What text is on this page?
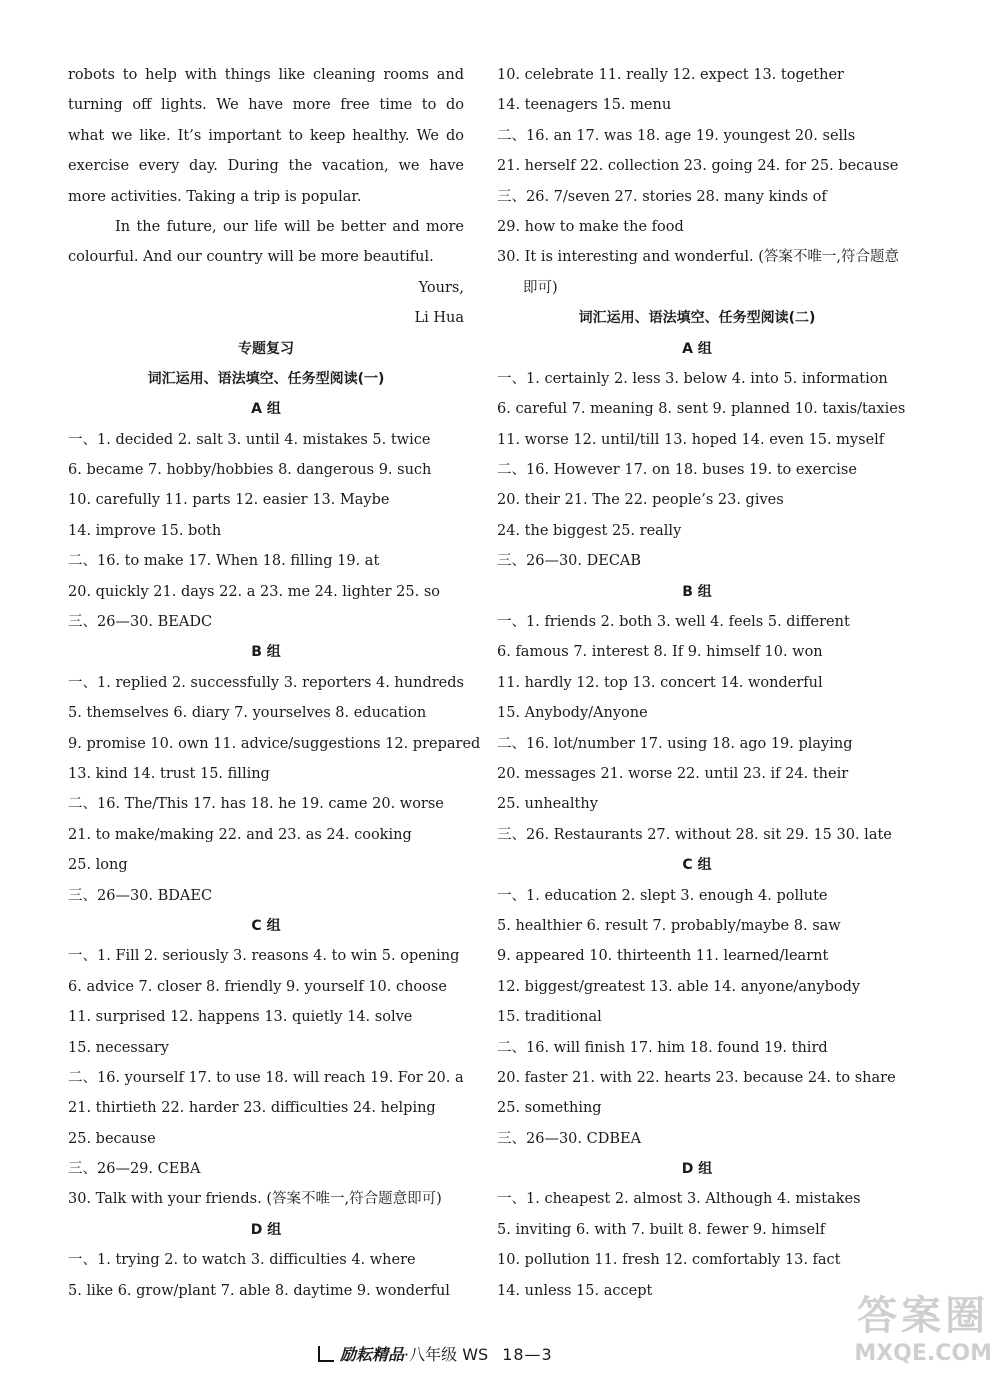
robots to help with things like cleaning rooms and
turning off lights. We have more free time to do
what we like. It’s important to keep healthy. We do
exercise every day. During the vacation, we have
more activities. Taking a trip is popular.
In the future, our life will be better and more
colourful. And our country will be more beautiful.
Yours,
Li Hua
专题复习
词汇运用、语法填空、任务型阅读(一)
A 组
一、1. decided 2. salt 3. until 4. mistakes 5. twice
6. became 7. hobby/hobbies 8. dangerous 9. such
10. carefully 11. parts 12. easier 13. Maybe
14. improve 15. both
二、16. to make 17. When 18. filling 19. at
20. quickly 21. days 22. a 23. me 24. lighter 25. so
三、26—30. BEADC
B 组
一、1. replied 2. successfully 3. reporters 4. hundreds
5. themselves 6. diary 7. yourselves 8. education
9. promise 10. own 11. advice/suggestions 12. prepared
13. kind 14. trust 15. filling
二、16. The/This 17. has 18. he 19. came 20. worse
21. to make/making 22. and 23. as 24. cooking
25. long
三、26—30. BDAEC
C 组
一、1. Fill 2. seriously 3. reasons 4. to win 5. opening
6. advice 7. closer 8. friendly 9. yourself 10. choose
11. surprised 12. happens 13. quietly 14. solve
15. necessary
二、16. yourself 17. to use 18. will reach 19. For 20. a
21. thirtieth 22. harder 23. difficulties 24. helping
25. because
三、26—29. CEBA
30. Talk with your friends. (答案不唯一,符合题意即可)
D 组
一、1. trying 2. to watch 3. difficulties 4. where
5. like 6. grow/plant 7. able 8. daytime 9. wonderful
10. celebrate 11. really 12. expect 13. together
14. teenagers 15. menu
二、16. an 17. was 18. age 19. youngest 20. sells
21. herself 22. collection 23. going 24. for 25. because
三、26. 7/seven 27. stories 28. many kinds of
29. how to make the food
30. It is interesting and wonderful. (答案不唯一,符合题意
即可)
词汇运用、语法填空、任务型阅读(二)
A 组
一、1. certainly 2. less 3. below 4. into 5. information
6. careful 7. meaning 8. sent 9. planned 10. taxis/taxies
11. worse 12. until/till 13. hoped 14. even 15. myself
二、16. However 17. on 18. buses 19. to exercise
20. their 21. The 22. people’s 23. gives
24. the biggest 25. really
三、26—30. DECAB
B 组
一、1. friends 2. both 3. well 4. feels 5. different
6. famous 7. interest 8. If 9. himself 10. won
11. hardly 12. top 13. concert 14. wonderful
15. Anybody/Anyone
二、16. lot/number 17. using 18. ago 19. playing
20. messages 21. worse 22. until 23. if 24. their
25. unhealthy
三、26. Restaurants 27. without 28. sit 29. 15 30. late
C 组
一、1. education 2. slept 3. enough 4. pollute
5. healthier 6. result 7. probably/maybe 8. saw
9. appeared 10. thirteenth 11. learned/learnt
12. biggest/greatest 13. able 14. anyone/anybody
15. traditional
二、16. will finish 17. him 18. found 19. third
20. faster 21. with 22. hearts 23. because 24. to share
25. something
三、26—30. CDBEA
D 组
一、1. cheapest 2. almost 3. Although 4. mistakes
5. inviting 6. with 7. built 8. fewer 9. himself
10. pollution 11. fresh 12. comfortably 13. fact
14. unless 15. accept
励耘精品·八年级 WS 18—3
答案圈
MXQE.COM
